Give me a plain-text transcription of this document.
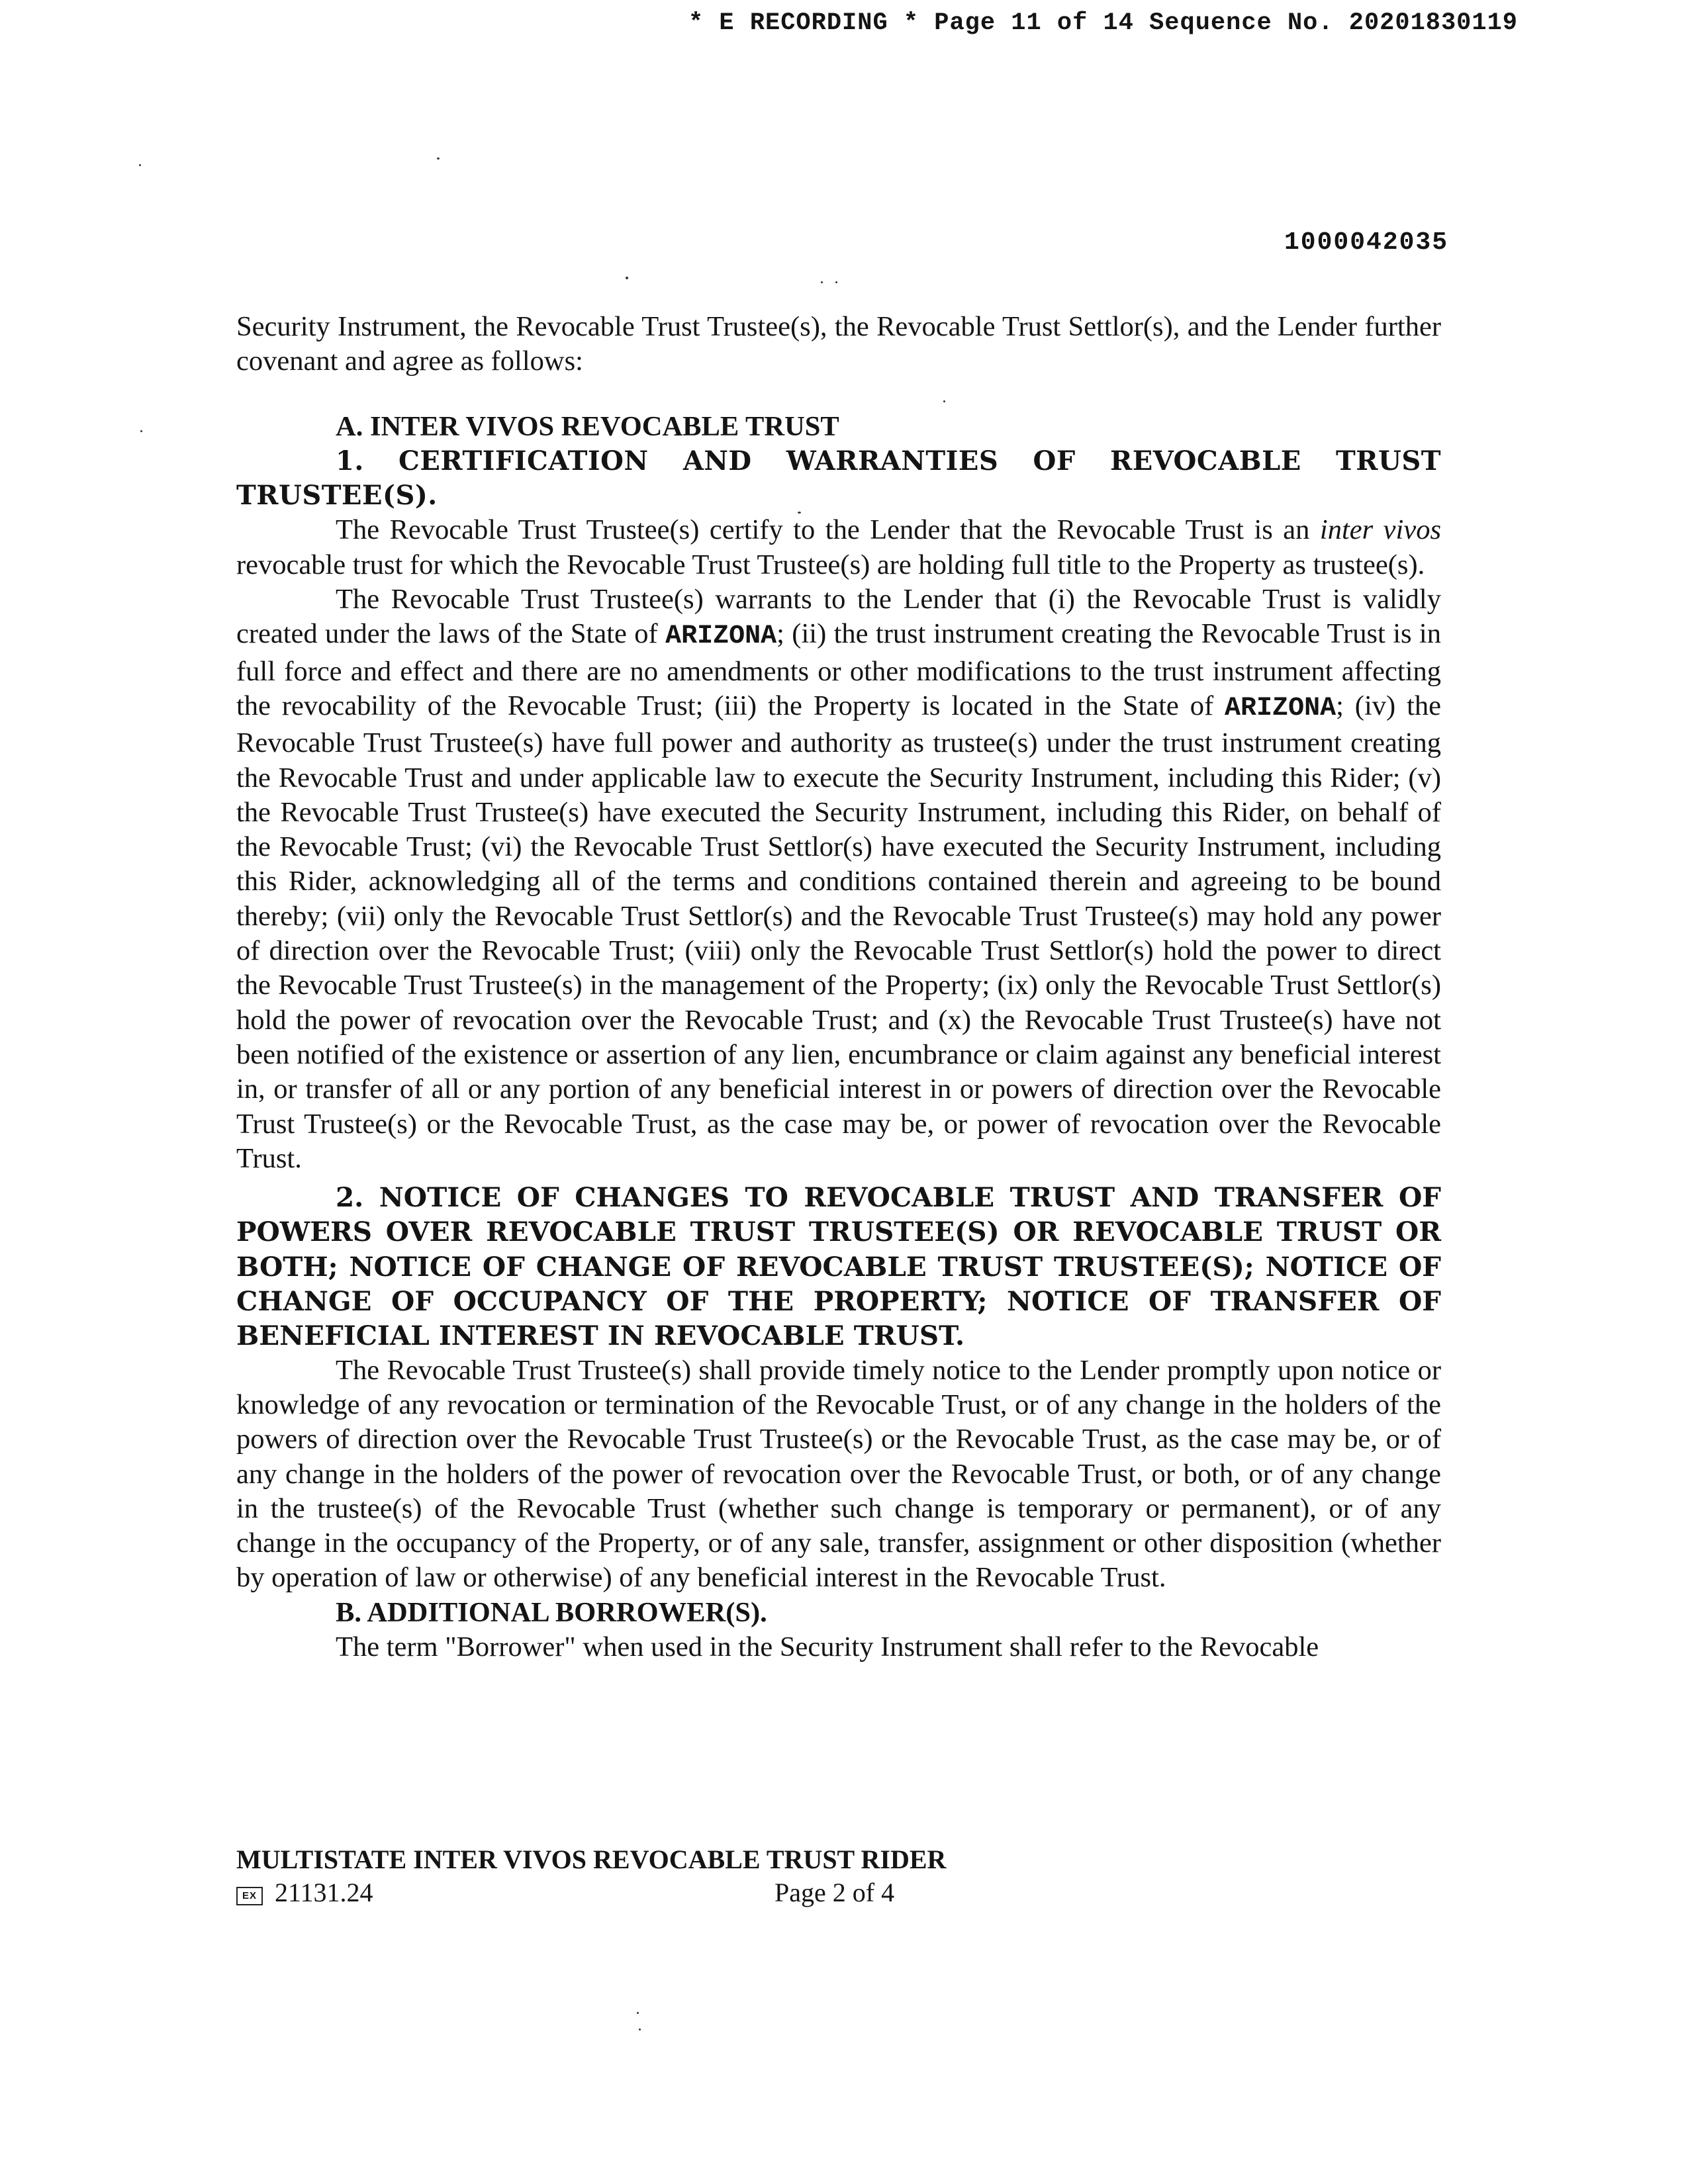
* E RECORDING * Page 11 of 14 Sequence No. 20201830119
1000042035

Security Instrument, the Revocable Trust Trustee(s), the Revocable Trust Settlor(s), and the Lender further covenant and agree as follows:

A. INTER VIVOS REVOCABLE TRUST

1. CERTIFICATION AND WARRANTIES OF REVOCABLE TRUST TRUSTEE(S).

The Revocable Trust Trustee(s) certify to the Lender that the Revocable Trust is an inter vivos revocable trust for which the Revocable Trust Trustee(s) are holding full title to the Property as trustee(s).

The Revocable Trust Trustee(s) warrants to the Lender that (i) the Revocable Trust is validly created under the laws of the State of ARIZONA; (ii) the trust instrument creating the Revocable Trust is in full force and effect and there are no amendments or other modifications to the trust instrument affecting the revocability of the Revocable Trust; (iii) the Property is located in the State of ARIZONA; (iv) the Revocable Trust Trustee(s) have full power and authority as trustee(s) under the trust instrument creating the Revocable Trust and under applicable law to execute the Security Instrument, including this Rider; (v) the Revocable Trust Trustee(s) have executed the Security Instrument, including this Rider, on behalf of the Revocable Trust; (vi) the Revocable Trust Settlor(s) have executed the Security Instrument, including this Rider, acknowledging all of the terms and conditions contained therein and agreeing to be bound thereby; (vii) only the Revocable Trust Settlor(s) and the Revocable Trust Trustee(s) may hold any power of direction over the Revocable Trust; (viii) only the Revocable Trust Settlor(s) hold the power to direct the Revocable Trust Trustee(s) in the management of the Property; (ix) only the Revocable Trust Settlor(s) hold the power of revocation over the Revocable Trust; and (x) the Revocable Trust Trustee(s) have not been notified of the existence or assertion of any lien, encumbrance or claim against any beneficial interest in, or transfer of all or any portion of any beneficial interest in or powers of direction over the Revocable Trust Trustee(s) or the Revocable Trust, as the case may be, or power of revocation over the Revocable Trust.

2. NOTICE OF CHANGES TO REVOCABLE TRUST AND TRANSFER OF POWERS OVER REVOCABLE TRUST TRUSTEE(S) OR REVOCABLE TRUST OR BOTH; NOTICE OF CHANGE OF REVOCABLE TRUST TRUSTEE(S); NOTICE OF CHANGE OF OCCUPANCY OF THE PROPERTY; NOTICE OF TRANSFER OF BENEFICIAL INTEREST IN REVOCABLE TRUST.

The Revocable Trust Trustee(s) shall provide timely notice to the Lender promptly upon notice or knowledge of any revocation or termination of the Revocable Trust, or of any change in the holders of the powers of direction over the Revocable Trust Trustee(s) or the Revocable Trust, as the case may be, or of any change in the holders of the power of revocation over the Revocable Trust, or both, or of any change in the trustee(s) of the Revocable Trust (whether such change is temporary or permanent), or of any change in the occupancy of the Property, or of any sale, transfer, assignment or other disposition (whether by operation of law or otherwise) of any beneficial interest in the Revocable Trust.

B. ADDITIONAL BORROWER(S).

The term "Borrower" when used in the Security Instrument shall refer to the Revocable

MULTISTATE INTER VIVOS REVOCABLE TRUST RIDER
EX 21131.24	Page 2 of 4
